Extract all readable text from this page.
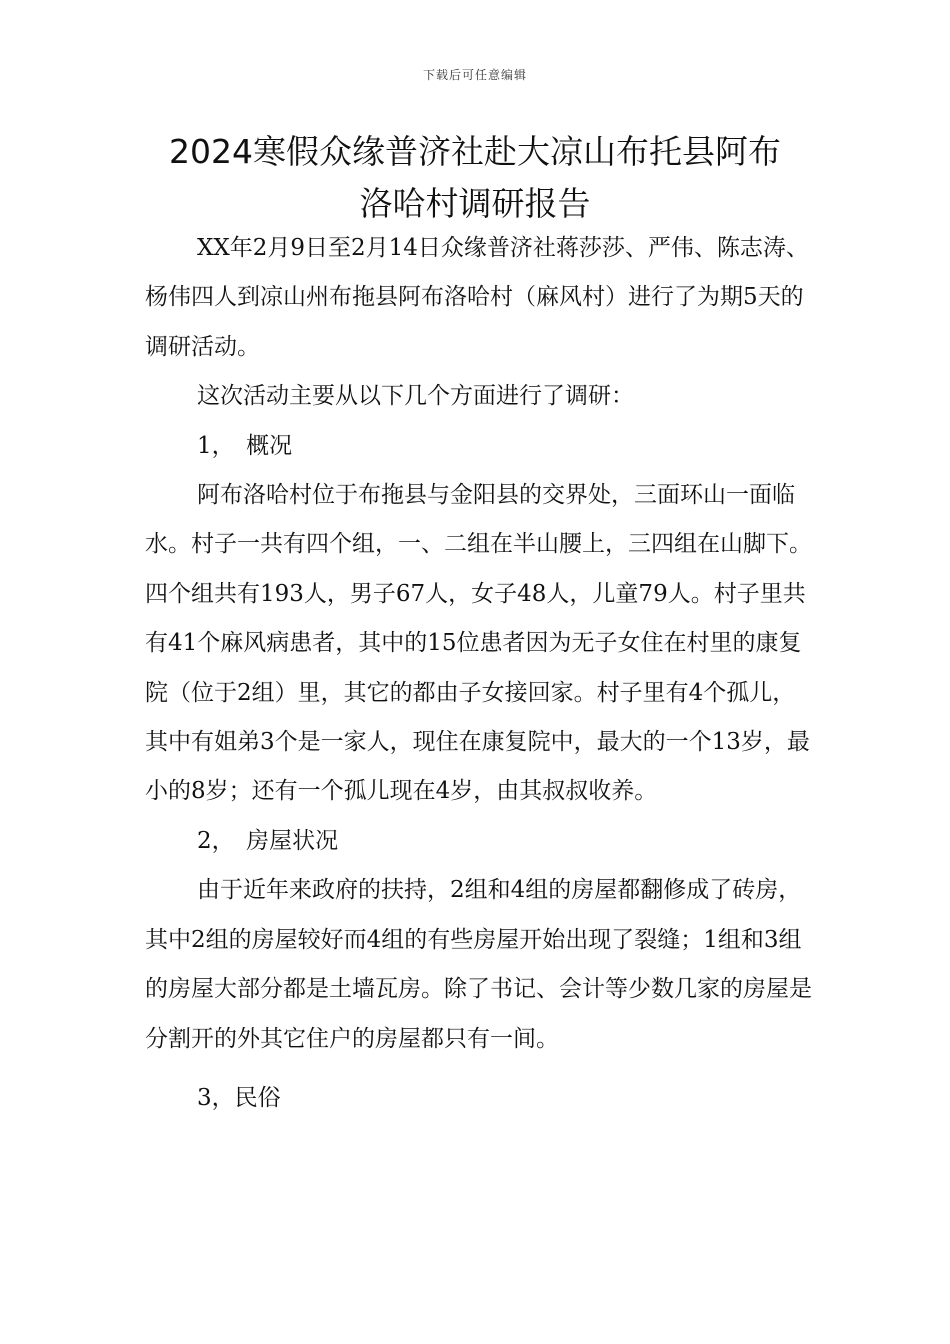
下载后可任意编辑
2024寒假众缘普济社赴大凉山布托县阿布
洛哈村调研报告

XX年2月9日至2月14日众缘普济社蒋莎莎、严伟、陈志涛、杨伟四人到凉山州布拖县阿布洛哈村（麻风村）进行了为期5天的调研活动。

这次活动主要从以下几个方面进行了调研：

1，　概况

阿布洛哈村位于布拖县与金阳县的交界处，三面环山一面临水。村子一共有四个组，一、二组在半山腰上，三四组在山脚下。四个组共有193人，男子67人，女子48人，儿童79人。村子里共有41个麻风病患者，其中的15位患者因为无子女住在村里的康复院（位于2组）里，其它的都由子女接回家。村子里有4个孤儿，其中有姐弟3个是一家人，现住在康复院中，最大的一个13岁，最小的8岁；还有一个孤儿现在4岁，由其叔叔收养。

2，　房屋状况

由于近年来政府的扶持，2组和4组的房屋都翻修成了砖房，其中2组的房屋较好而4组的有些房屋开始出现了裂缝；1组和3组的房屋大部分都是土墙瓦房。除了书记、会计等少数几家的房屋是分割开的外其它住户的房屋都只有一间。

3，民俗
